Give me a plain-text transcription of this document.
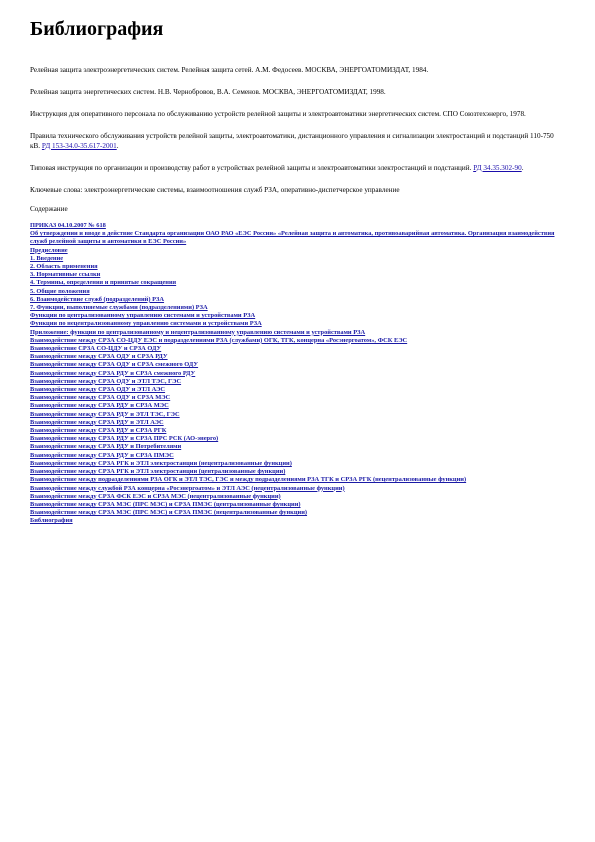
Библиография

Релейная защита электроэнергетических систем. Релейная защита сетей. А.М. Федосеев. МОСКВА, ЭНЕРГОАТОМИЗДАТ, 1984.

Релейная защита энергетических систем. Н.В. Чернобровов, В.А. Семенов. МОСКВА, ЭНЕРГОАТОМИЗДАТ, 1998.

Инструкция для оперативного персонала по обслуживанию устройств релейной защиты и электроавтоматики энергетических систем. СПО Союзтехэнерго, 1978.

Правила технического обслуживания устройств релейной защиты, электроавтоматики, дистанционного управления и сигнализации электростанций и подстанций 110-750 кВ. РД 153-34.0-35.617-2001.

Типовая инструкция по организации и производству работ в устройствах релейной защиты и электроавтоматики электростанций и подстанций. РД 34.35.302-90.

Ключевые слова: электроэнергетические системы, взаимоотношения служб РЗА, оперативно-диспетчерское управление

Содержание
ПРИКАЗ 04.10.2007 № 618
Об утверждении и вводе в действие Стандарта организации ОАО РАО «ЕЭС России» «Релейная защита и автоматика, противоаварийная автоматика. Организация взаимодействия служб релейной защиты и автоматики в ЕЭС России»
Предисловие
1. Введение
2. Область применения
3. Нормативные ссылки
4. Термины, определения и принятые сокращения
5. Общие положения
6. Взаимодействие служб (подразделений) РЗА
7. Функции, выполняемые службами (подразделениями) РЗА
Функции по централизованному управлению системами и устройствами РЗА
Функции по нецентрализованному управлению системами и устройствами РЗА
Приложение: функции по централизованному и нецентрализованному управлению системами и устройствами РЗА
Взаимодействие между СРЗА СО-ЦДУ ЕЭС и подразделениями РЗА (службами) ОГК, ТГК, концерна «Росэнергоатом», ФСК ЕЭС
Взаимодействие СРЗА СО-ЦДУ и СРЗА ОДУ
Взаимодействие между СРЗА ОДУ и СРЗА РДУ
Взаимодействие между СРЗА ОДУ и СРЗА смежного ОДУ
Взаимодействие между СРЗА РДУ и СРЗА смежного РДУ
Взаимодействие между СРЗА ОДУ и ЭТЛ ТЭС, ГЭС
Взаимодействие между СРЗА ОДУ и ЭТЛ АЭС
Взаимодействие между СРЗА ОДУ и СРЗА МЭС
Взаимодействие между СРЗА РДУ и СРЗА МЭС
Взаимодействие между СРЗА РДУ и ЭТЛ ТЭС, ГЭС
Взаимодействие между СРЗА РДУ и ЭТЛ АЭС
Взаимодействие между СРЗА РДУ и СРЗА РГК
Взаимодействие между СРЗА РДУ и СРЗА ПРС РСК (АО-энерго)
Взаимодействие между СРЗА РДУ и Потребителями
Взаимодействие между СРЗА РДУ и СРЗА ПМЭС
Взаимодействие между СРЗА РГК и ЭТЛ электростанции (нецентрализованные функции)
Взаимодействие между СРЗА РГК и ЭТЛ электростанции (централизованные функции)
Взаимодействие между подразделениями РЗА ОГК и ЭТЛ ТЭС, ГЭС и между подразделениями РЗА ТГК и СРЗА РГК (нецентрализованные функции)
Взаимодействие между службой РЗА концерна «Росэнергоатом» и ЭТЛ АЭС (нецентрализованные функции)
Взаимодействие между СРЗА ФСК ЕЭС и СРЗА МЭС (нецентрализованные функции)
Взаимодействие между СРЗА МЭС (ПРС МЭС) и СРЗА ПМЭС (централизованные функции)
Взаимодействие между СРЗА МЭС (ПРС МЭС) и СРЗА ПМЭС (нецентрализованные функции)
Библиография
